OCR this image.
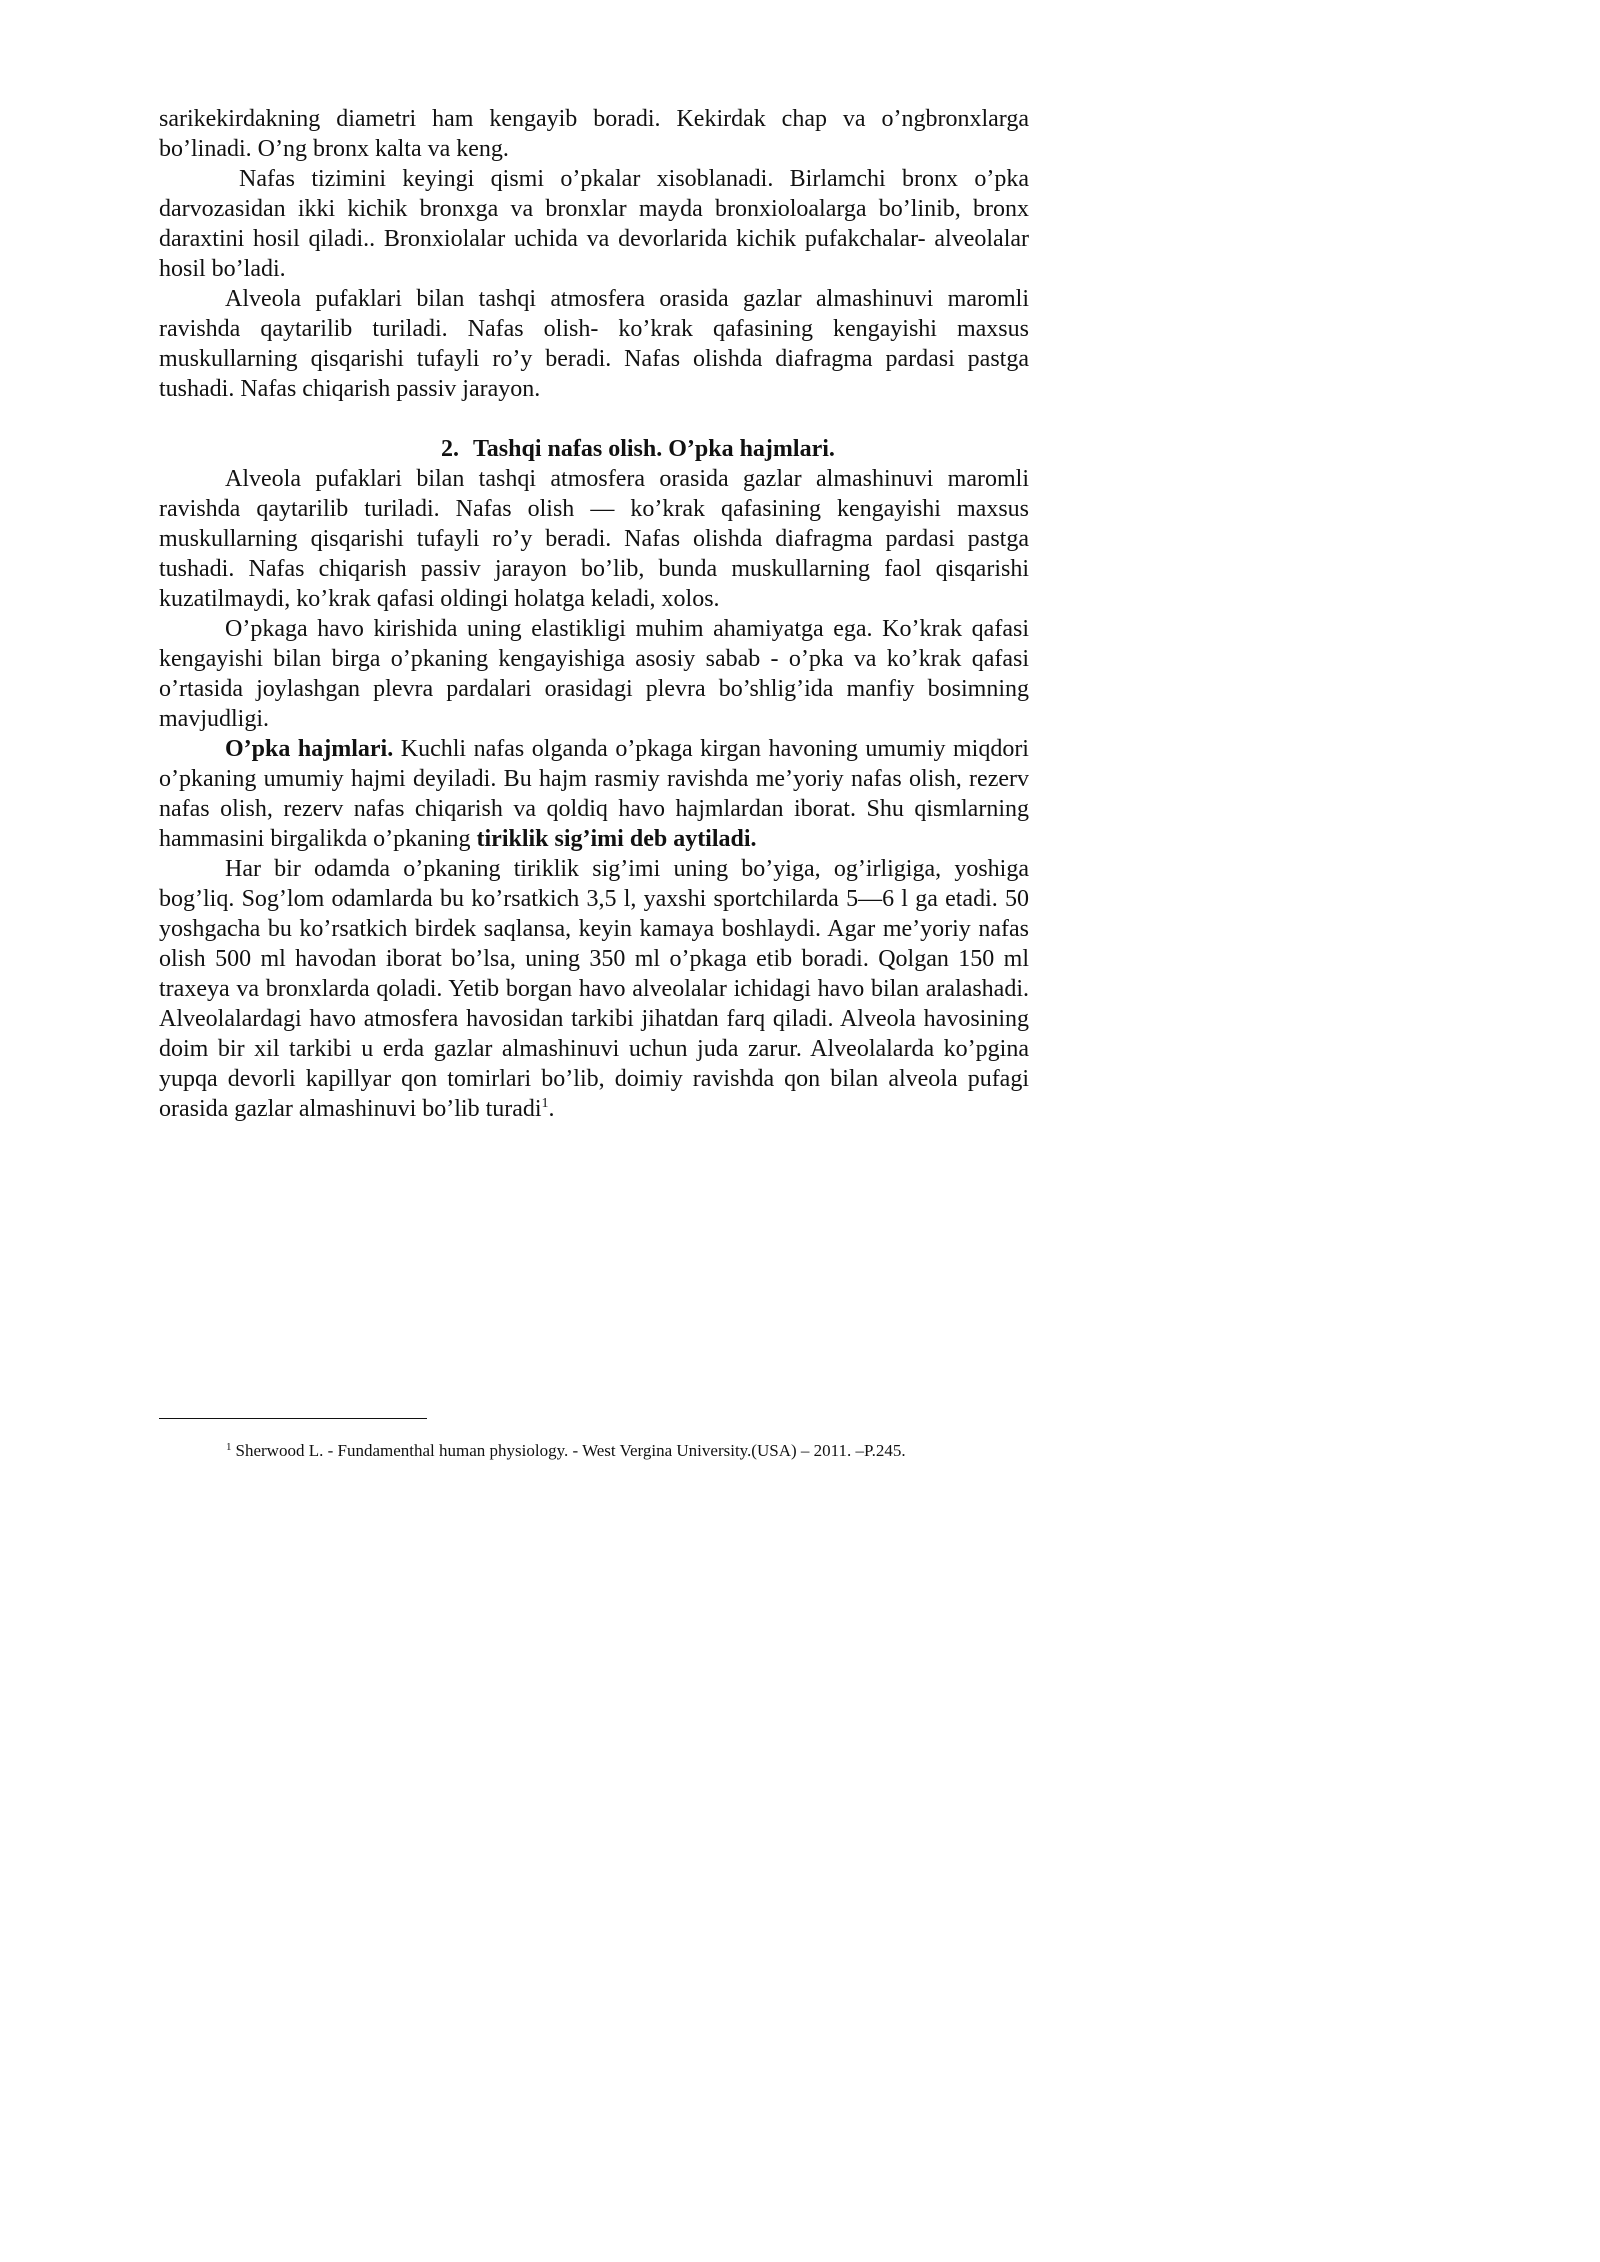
sarikekirdakning diametri ham kengayib boradi. Kekirdak chap va o’ngbronxlarga bo’linadi. O’ng bronx kalta va keng.

Nafas tizimini keyingi qismi o’pkalar xisoblanadi. Birlamchi bronx o’pka darvozasidan ikki kichik bronxga va bronxlar mayda bronxioloalarga bo’linib, bronx daraxtini hosil qiladi.. Bronxiolalar uchida va devorlarida kichik pufakchalar- alveolalar hosil bo’ladi.

Alveola pufaklari bilan tashqi atmosfera orasida gazlar almashinuvi maromli ravishda qaytarilib turiladi. Nafas olish- ko’krak qafasining kengayishi maxsus muskullarning qisqarishi tufayli ro’y beradi. Nafas olishda diafragma pardasi pastga tushadi. Nafas chiqarish passiv jarayon.

2. Tashqi nafas olish. O’pka hajmlari.

Alveola pufaklari bilan tashqi atmosfera orasida gazlar almashinuvi maromli ravishda qaytarilib turiladi. Nafas olish — ko’krak qafasining kengayishi maxsus muskullarning qisqarishi tufayli ro’y beradi. Nafas olishda diafragma pardasi pastga tushadi. Nafas chiqarish passiv jarayon bo’lib, bunda muskullarning faol qisqarishi kuzatilmaydi, ko’krak qafasi oldingi holatga keladi, xolos.

O’pkaga havo kirishida uning elastikligi muhim ahamiyatga ega. Ko’krak qafasi kengayishi bilan birga o’pkaning kengayishiga asosiy sabab - o’pka va ko’krak qafasi o’rtasida joylashgan plevra pardalari orasidagi plevra bo’shlig’ida manfiy bosimning mavjudligi.

O’pka hajmlari. Kuchli nafas olganda o’pkaga kirgan havoning umumiy miqdori o’pkaning umumiy hajmi deyiladi. Bu hajm rasmiy ravishda me’yoriy nafas olish, rezerv nafas olish, rezerv nafas chiqarish va qoldiq havo hajmlardan iborat. Shu qismlarning hammasini birgalikda o’pkaning tiriklik sig’imi deb aytiladi.

Har bir odamda o’pkaning tiriklik sig’imi uning bo’yiga, og’irligiga, yoshiga bog’liq. Sog’lom odamlarda bu ko’rsatkich 3,5 l, yaxshi sportchilarda 5—6 l ga etadi. 50 yoshgacha bu ko’rsatkich birdek saqlansa, keyin kamaya boshlaydi. Agar me’yoriy nafas olish 500 ml havodan iborat bo’lsa, uning 350 ml o’pkaga etib boradi. Qolgan 150 ml traxeya va bronxlarda qoladi. Yetib borgan havo alveolalar ichidagi havo bilan aralashadi. Alveolalardagi havo atmosfera havosidan tarkibi jihatdan farq qiladi. Alveola havosining doim bir xil tarkibi u erda gazlar almashinuvi uchun juda zarur. Alveolalarda ko’pgina yupqa devorli kapillyar qon tomirlari bo’lib, doimiy ravishda qon bilan alveola pufagi orasida gazlar almashinuvi bo’lib turadi$^1$.

$^1$ Sherwood L. - Fundamenthal human physiology. - West Vergina University.(USA) – 2011. –P.245.
